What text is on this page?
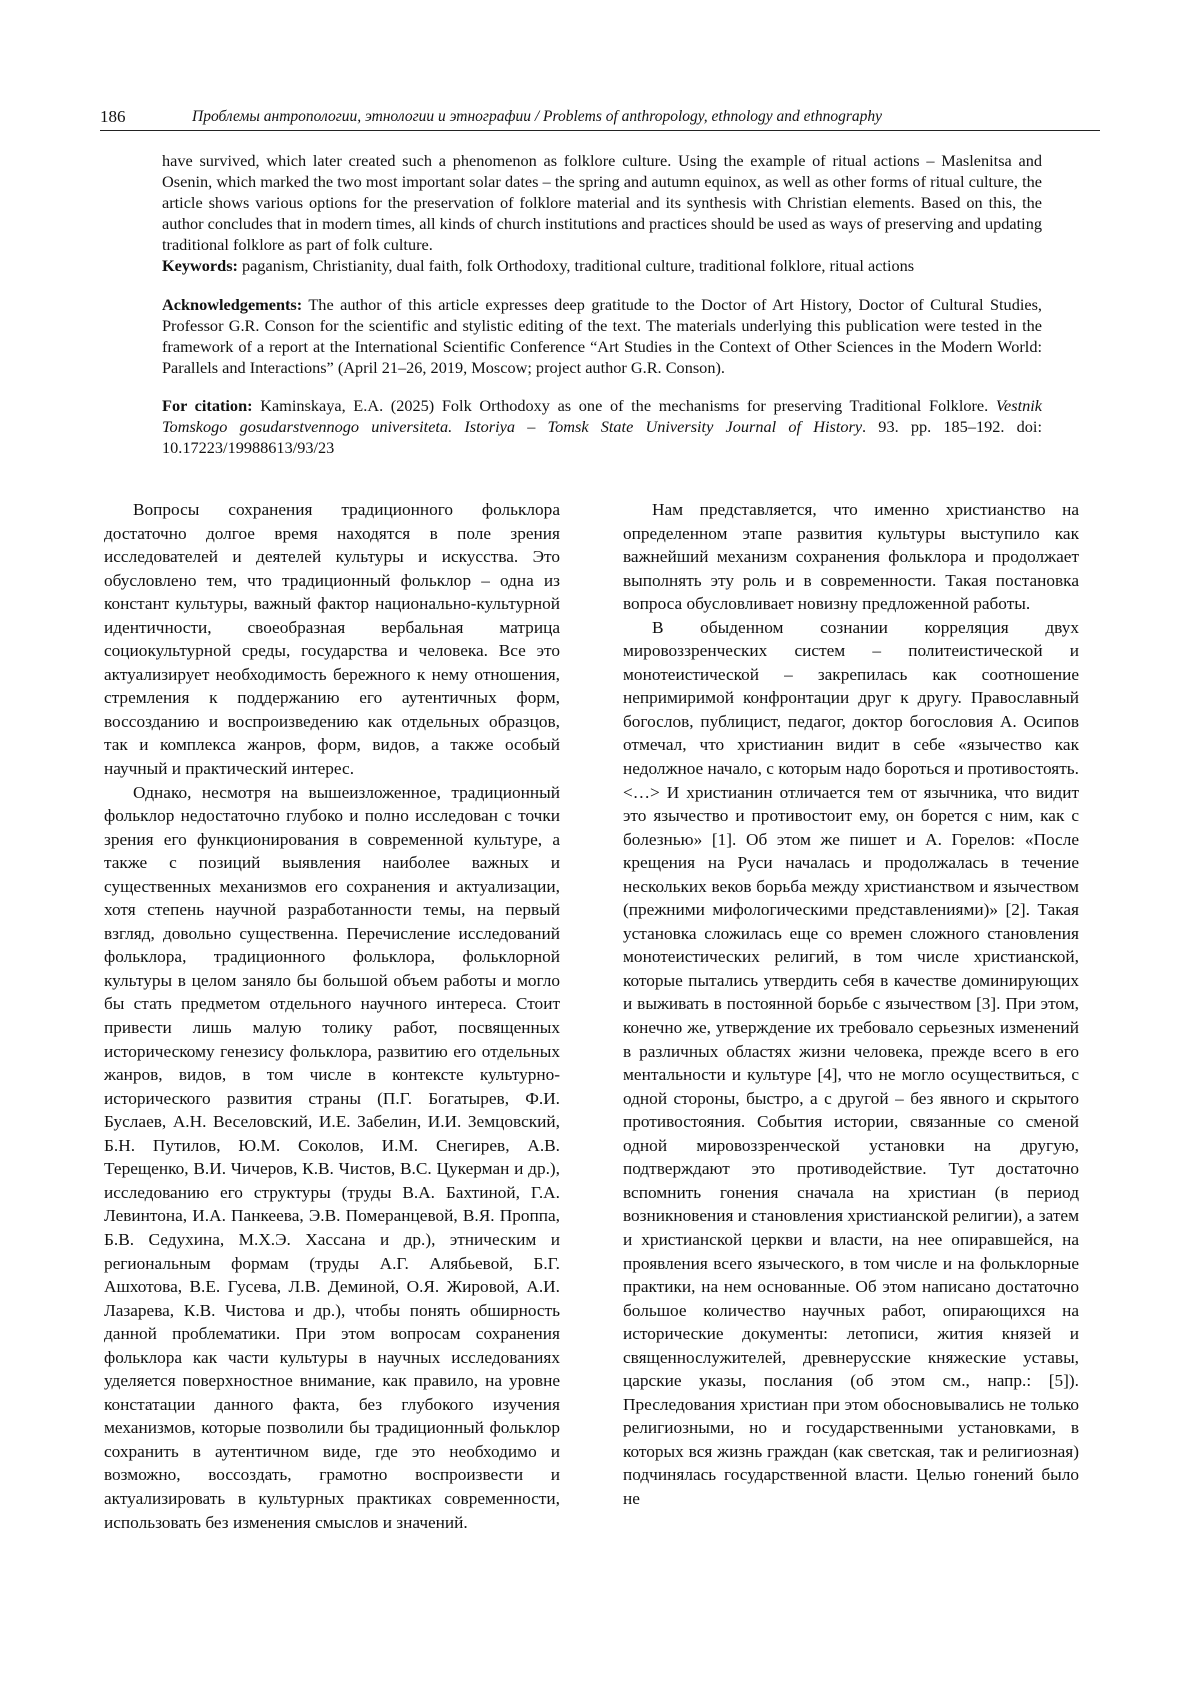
186	Проблемы антропологии, этнологии и этнографии / Problems of anthropology, ethnology and ethnography

have survived, which later created such a phenomenon as folklore culture. Using the example of ritual actions – Maslenitsa and Osenin, which marked the two most important solar dates – the spring and autumn equinox, as well as other forms of ritual culture, the article shows various options for the preservation of folklore material and its synthesis with Christian elements. Based on this, the author concludes that in modern times, all kinds of church institutions and practices should be used as ways of preserving and updating traditional folklore as part of folk culture.

Keywords: paganism, Christianity, dual faith, folk Orthodoxy, traditional culture, traditional folklore, ritual actions

Acknowledgements: The author of this article expresses deep gratitude to the Doctor of Art History, Doctor of Cultural Studies, Professor G.R. Conson for the scientific and stylistic editing of the text. The materials underlying this publication were tested in the framework of a report at the International Scientific Conference “Art Studies in the Context of Other Sciences in the Modern World: Parallels and Interactions” (April 21–26, 2019, Moscow; project author G.R. Conson).

For citation: Kaminskaya, E.A. (2025) Folk Orthodoxy as one of the mechanisms for preserving Traditional Folklore. Vestnik Tomskogo gosudarstvennogo universiteta. Istoriya – Tomsk State University Journal of History. 93. pp. 185–192. doi: 10.17223/19988613/93/23

Вопросы сохранения традиционного фольклора достаточно долгое время находятся в поле зрения исследователей и деятелей культуры и искусства. Это обусловлено тем, что традиционный фольклор – одна из констант культуры, важный фактор национально-культурной идентичности, своеобразная вербальная матрица социокультурной среды, государства и человека. Все это актуализирует необходимость бережного к нему отношения, стремления к поддержанию его аутентичных форм, воссозданию и воспроизведению как отдельных образцов, так и комплекса жанров, форм, видов, а также особый научный и практический интерес.

Однако, несмотря на вышеизложенное, традиционный фольклор недостаточно глубоко и полно исследован с точки зрения его функционирования в современной культуре, а также с позиций выявления наиболее важных и существенных механизмов его сохранения и актуализации, хотя степень научной разработанности темы, на первый взгляд, довольно существенна. Перечисление исследований фольклора, традиционного фольклора, фольклорной культуры в целом заняло бы большой объем работы и могло бы стать предметом отдельного научного интереса. Стоит привести лишь малую толику работ, посвященных историческому генезису фольклора, развитию его отдельных жанров, видов, в том числе в контексте культурно-исторического развития страны (П.Г. Богатырев, Ф.И. Буслаев, А.Н. Веселовский, И.Е. Забелин, И.И. Земцовский, Б.Н. Путилов, Ю.М. Соколов, И.М. Снегирев, А.В. Терещенко, В.И. Чичеров, К.В. Чистов, В.С. Цукерман и др.), исследованию его структуры (труды В.А. Бахтиной, Г.А. Левинтона, И.А. Панкеева, Э.В. Померанцевой, В.Я. Проппа, Б.В. Седухина, М.Х.Э. Хассана и др.), этническим и региональным формам (труды А.Г. Алябьевой, Б.Г. Ашхотова, В.Е. Гусева, Л.В. Деминой, О.Я. Жировой, А.И. Лазарева, К.В. Чистова и др.), чтобы понять обширность данной проблематики. При этом вопросам сохранения фольклора как части культуры в научных исследованиях уделяется поверхностное внимание, как правило, на уровне констатации данного факта, без глубокого изучения механизмов, которые позволили бы традиционный фольклор сохранить в аутентичном виде, где это необходимо и возможно, воссоздать, грамотно воспроизвести и актуализировать в культурных практиках современности, использовать без изменения смыслов и значений.

Нам представляется, что именно христианство на определенном этапе развития культуры выступило как важнейший механизм сохранения фольклора и продолжает выполнять эту роль и в современности. Такая постановка вопроса обусловливает новизну предложенной работы.

В обыденном сознании корреляция двух мировоззренческих систем – политеистической и монотеистической – закрепилась как соотношение непримиримой конфронтации друг к другу. Православный богослов, публицист, педагог, доктор богословия А. Осипов отмечал, что христианин видит в себе «язычество как недолжное начало, с которым надо бороться и противостоять. <…> И христианин отличается тем от язычника, что видит это язычество и противостоит ему, он борется с ним, как с болезнью» [1]. Об этом же пишет и А. Горелов: «После крещения на Руси началась и продолжалась в течение нескольких веков борьба между христианством и язычеством (прежними мифологическими представлениями)» [2]. Такая установка сложилась еще со времен сложного становления монотеистических религий, в том числе христианской, которые пытались утвердить себя в качестве доминирующих и выживать в постоянной борьбе с язычеством [3]. При этом, конечно же, утверждение их требовало серьезных изменений в различных областях жизни человека, прежде всего в его ментальности и культуре [4], что не могло осуществиться, с одной стороны, быстро, а с другой – без явного и скрытого противостояния. События истории, связанные со сменой одной мировоззренческой установки на другую, подтверждают это противодействие. Тут достаточно вспомнить гонения сначала на христиан (в период возникновения и становления христианской религии), а затем и христианской церкви и власти, на нее опиравшейся, на проявления всего языческого, в том числе и на фольклорные практики, на нем основанные. Об этом написано достаточно большое количество научных работ, опирающихся на исторические документы: летописи, жития князей и священнослужителей, древнерусские княжеские уставы, царские указы, послания (об этом см., напр.: [5]). Преследования христиан при этом обосновывались не только религиозными, но и государственными установками, в которых вся жизнь граждан (как светская, так и религиозная) подчинялась государственной власти. Целью гонений было не
